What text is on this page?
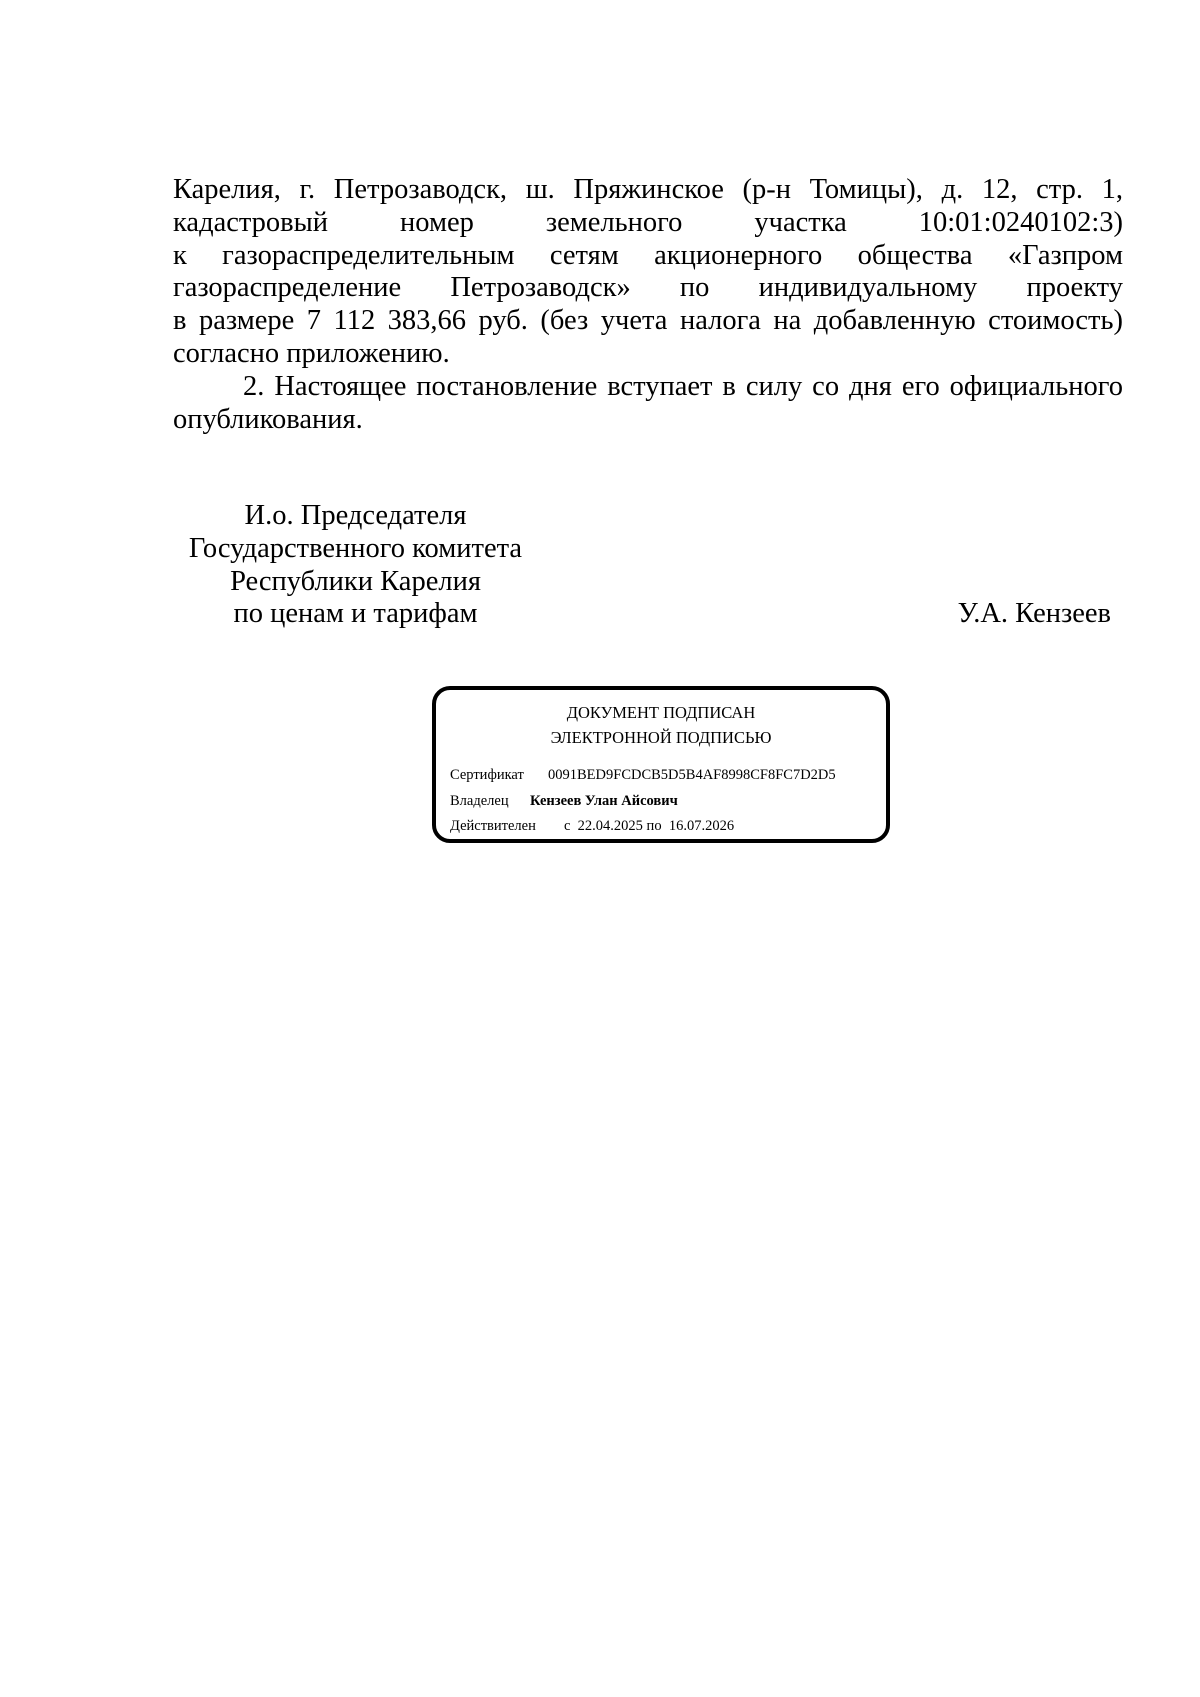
Карелия, г. Петрозаводск, ш. Пряжинское (р-н Томицы), д. 12, стр. 1,
кадастровый номер земельного участка 10:01:0240102:3)
к газораспределительным сетям акционерного общества «Газпром
газораспределение Петрозаводск» по индивидуальному проекту
в размере 7 112 383,66 руб. (без учета налога на добавленную стоимость)
согласно приложению.
2. Настоящее постановление вступает в силу со дня его официального
опубликования.
И.о. Председателя
Государственного комитета
Республики Карелия
по ценам и тарифам	У.А. Кензеев
ДОКУМЕНТ ПОДПИСАН
ЭЛЕКТРОННОЙ ПОДПИСЬЮ
Сертификат 0091BED9FCDCB5D5B4AF8998CF8FC7D2D5
Владелец Кензеев Улан Айсович
Действителен с  22.04.2025 по  16.07.2026
